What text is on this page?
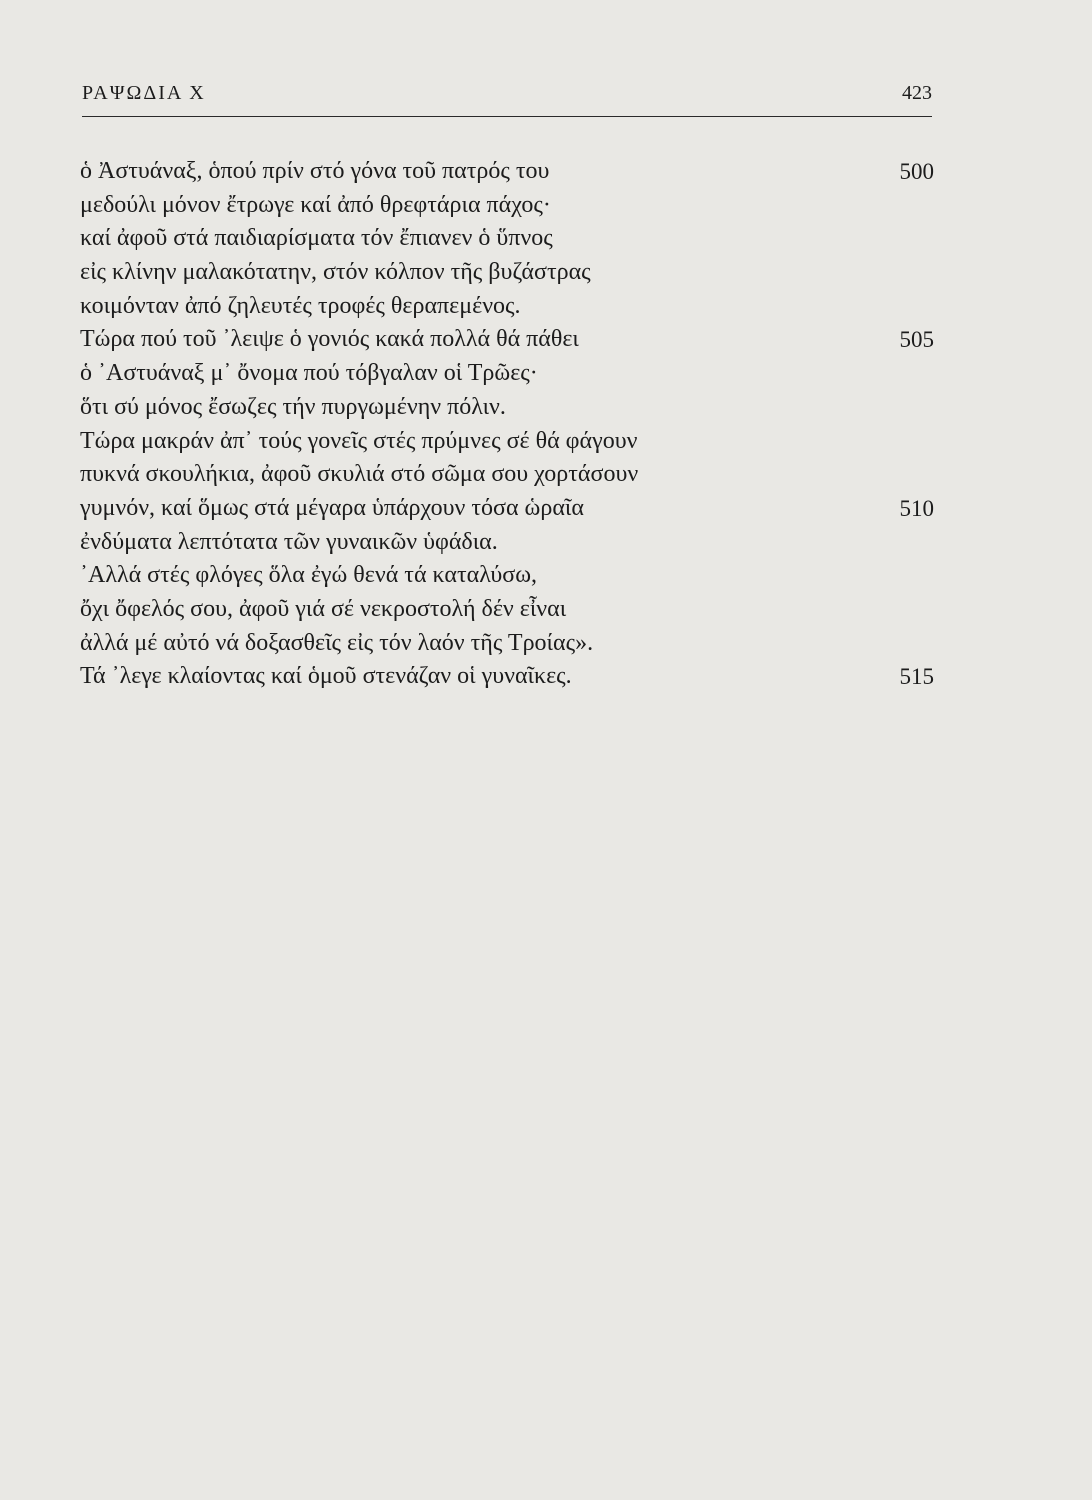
ΡΑΨΩΔΙΑ Χ	423
ὁ Ἀστυάναξ, ὁπού πρίν στό γόνα τοῦ πατρός του	500
μεδούλι μόνον ἔτρωγε καί ἀπό θρεφτάρια πάχος·
καί ἀφοῦ στά παιδιαρίσματα τόν ἔπιανεν ὁ ὕπνος
εἰς κλίνην μαλακότατην, στόν κόλπον τῆς βυζάστρας
κοιμόνταν ἀπό ζηλευτές τροφές θεραπεμένος.
Τώρα πού τοῦ ᾽λειψε ὁ γονιός κακά πολλά θά πάθει	505
ὁ ᾽Αστυάναξ μ᾽ ὄνομα πού τόβγαλαν οἱ Τρῶες·
ὅτι σύ μόνος ἔσωζες τήν πυργωμένην πόλιν.
Τώρα μακράν ἀπ᾽ τούς γονεῖς στές πρύμνες σέ θά φάγουν
πυκνά σκουλήκια, ἀφοῦ σκυλιά στό σῶμα σου χορτάσουν
γυμνόν, καί ὅμως στά μέγαρα ὑπάρχουν τόσα ὡραῖα	510
ἐνδύματα λεπτότατα τῶν γυναικῶν ὑφάδια.
᾽Αλλά στές φλόγες ὅλα ἐγώ θενά τά καταλύσω,
ὄχι ὄφελός σου, ἀφοῦ γιά σέ νεκροστολή δέν εἶναι
ἀλλά μέ αὐτό νά δοξασθεῖς εἰς τόν λαόν τῆς Τροίας».
Τά ᾽λεγε κλαίοντας καί ὁμοῦ στενάζαν οἱ γυναῖκες.	515
